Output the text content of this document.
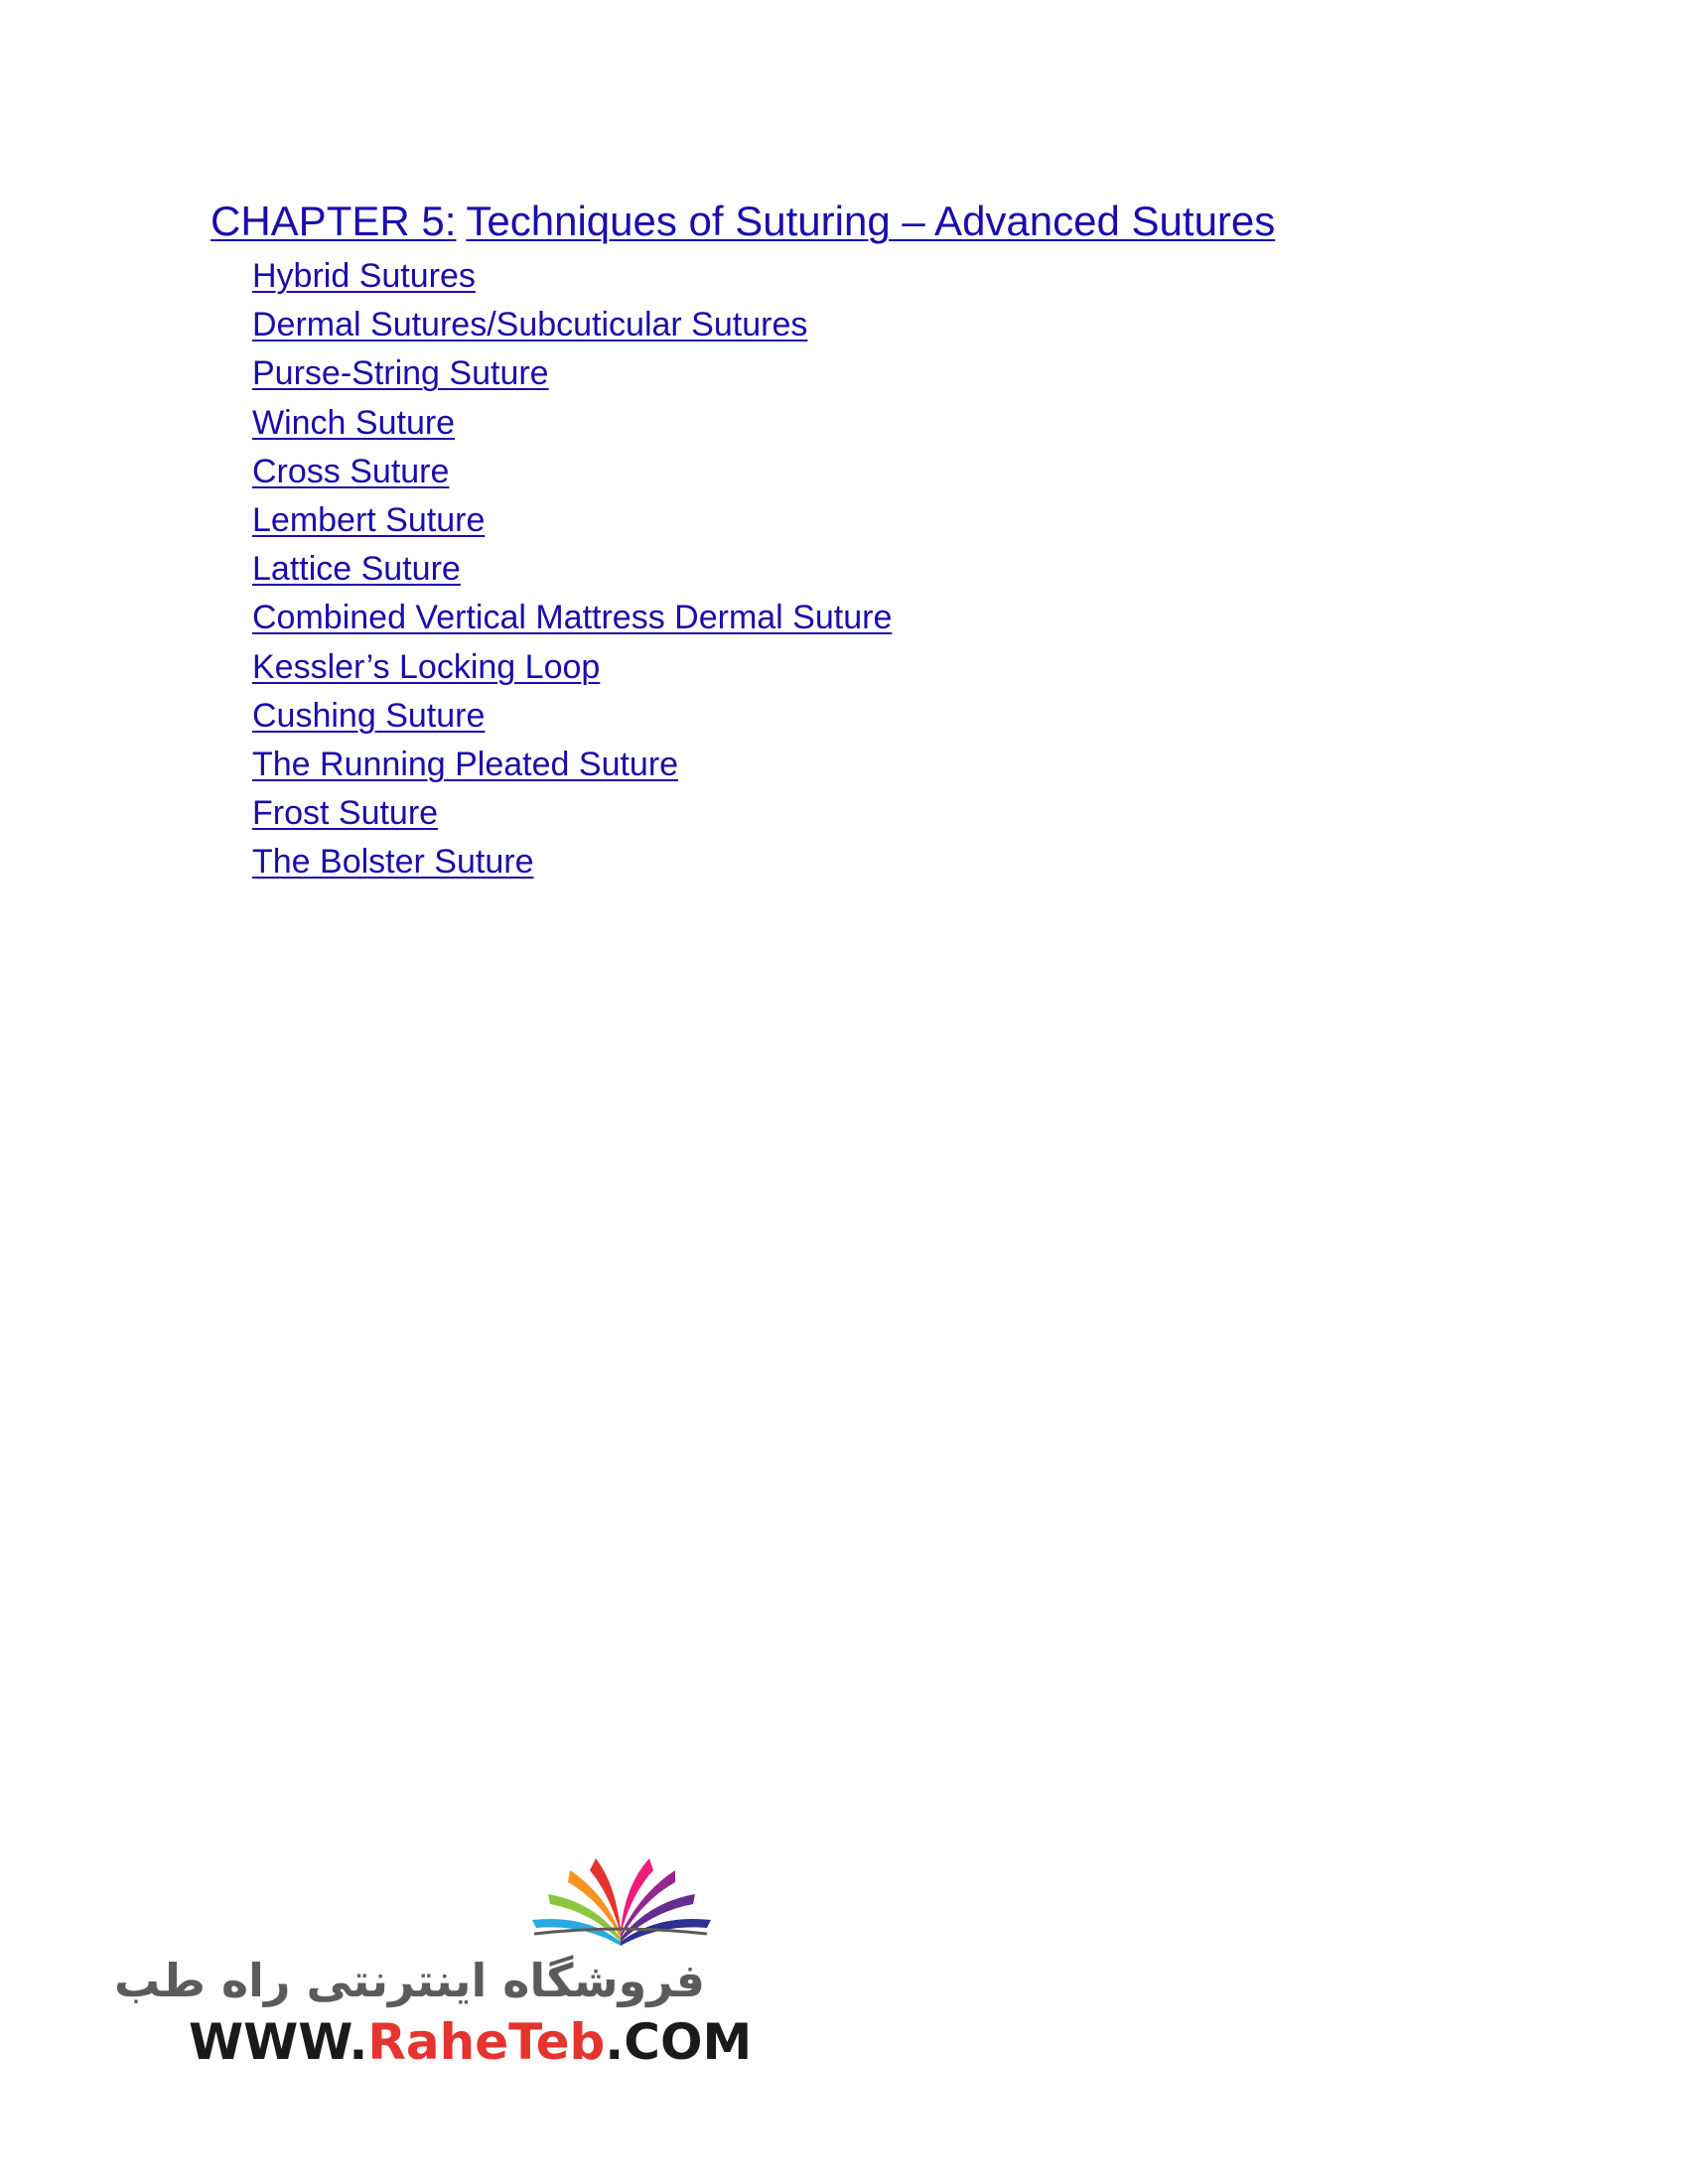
CHAPTER 5: Techniques of Suturing – Advanced Sutures
Hybrid Sutures
Dermal Sutures/Subcuticular Sutures
Purse-String Suture
Winch Suture
Cross Suture
Lembert Suture
Lattice Suture
Combined Vertical Mattress Dermal Suture
Kessler’s Locking Loop
Cushing Suture
The Running Pleated Suture
Frost Suture
The Bolster Suture
فروشگاه اینترنتی راه طب
WWW.RaheTeb.COM
